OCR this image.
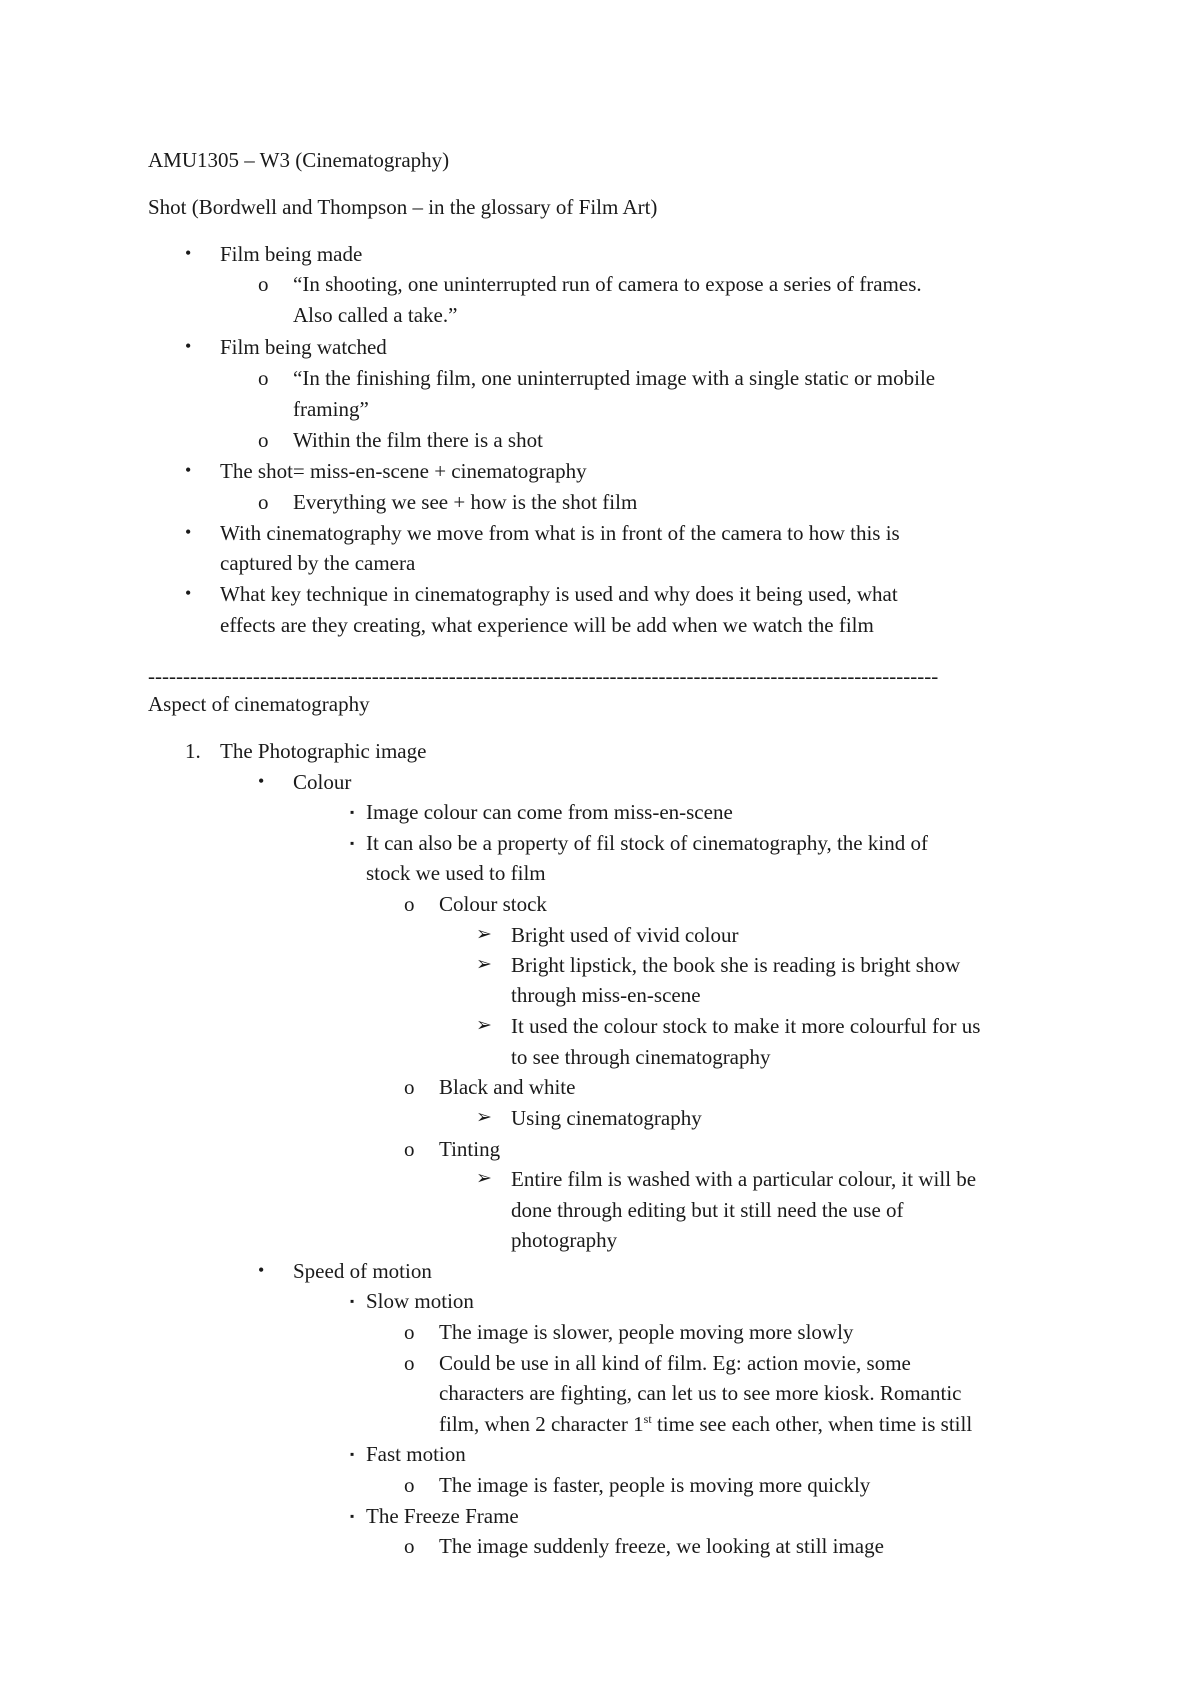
AMU1305 – W3 (Cinematography)
Shot (Bordwell and Thompson – in the glossary of Film Art)
• Film being made
o “In shooting, one uninterrupted run of camera to expose a series of frames.
Also called a take.”
• Film being watched
o “In the finishing film, one uninterrupted image with a single static or mobile
framing”
o Within the film there is a shot
• The shot= miss-en-scene + cinematography
o Everything we see + how is the shot film
• With cinematography we move from what is in front of the camera to how this is
captured by the camera
• What key technique in cinematography is used and why does it being used, what
effects are they creating, what experience will be add when we watch the film
-----------------------------------------------------------------------------------------------------------------
Aspect of cinematography
1. The Photographic image
• Colour
▪ Image colour can come from miss-en-scene
▪ It can also be a property of fil stock of cinematography, the kind of
stock we used to film
o Colour stock
➢ Bright used of vivid colour
➢ Bright lipstick, the book she is reading is bright show
through miss-en-scene
➢ It used the colour stock to make it more colourful for us
to see through cinematography
o Black and white
➢ Using cinematography
o Tinting
➢ Entire film is washed with a particular colour, it will be
done through editing but it still need the use of
photography
• Speed of motion
▪ Slow motion
o The image is slower, people moving more slowly
o Could be use in all kind of film. Eg: action movie, some
characters are fighting, can let us to see more kiosk. Romantic
film, when 2 character 1st time see each other, when time is still
▪ Fast motion
o The image is faster, people is moving more quickly
▪ The Freeze Frame
o The image suddenly freeze, we looking at still image
